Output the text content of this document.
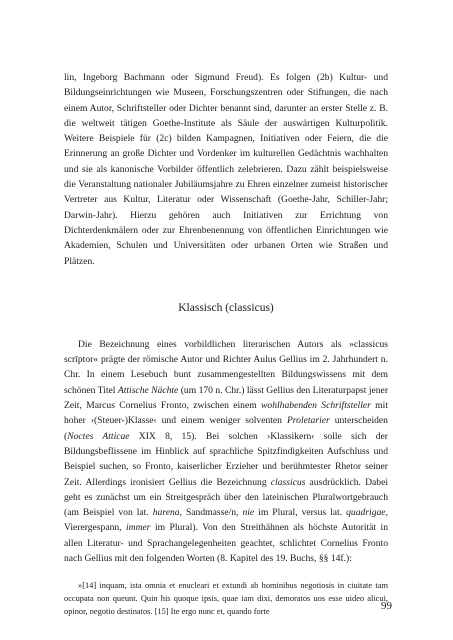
lin, Ingeborg Bachmann oder Sigmund Freud). Es folgen (2b) Kultur- und Bildungseinrichtungen wie Museen, Forschungszentren oder Stiftungen, die nach einem Autor, Schriftsteller oder Dichter benannt sind, darunter an erster Stelle z. B. die weltweit tätigen Goethe-Institute als Säule der auswärtigen Kulturpolitik. Weitere Beispiele für (2c) bilden Kampagnen, Initiativen oder Feiern, die die Erinnerung an große Dichter und Vordenker im kulturellen Gedächtnis wachhalten und sie als kanonische Vorbilder öffentlich zelebrieren. Dazu zählt beispielsweise die Veranstaltung nationaler Jubiläumsjahre zu Ehren einzelner zumeist historischer Vertreter aus Kultur, Literatur oder Wissenschaft (Goethe-Jahr, Schiller-Jahr; Darwin-Jahr). Hierzu gehören auch Initiativen zur Errichtung von Dichterdenkmälern oder zur Ehrenbenennung von öffentlichen Einrichtungen wie Akademien, Schulen und Universitäten oder urbanen Orten wie Straßen und Plätzen.

Klassisch (classicus)

Die Bezeichnung eines vorbildlichen literarischen Autors als »classicus scrīptor« prägte der römische Autor und Richter Aulus Gellius im 2. Jahrhundert n. Chr. In einem Lesebuch bunt zusammengestellten Bildungswissens mit dem schönen Titel Attische Nächte (um 170 n. Chr.) lässt Gellius den Literaturpapst jener Zeit, Marcus Cornelius Fronto, zwischen einem wohlhabenden Schriftsteller mit hoher ›(Steuer-)Klasse‹ und einem weniger solventen Proletarier unterscheiden (Noctes Atticae XIX 8, 15). Bei solchen ›Klassikern‹ solle sich der Bildungsbeflissene im Hinblick auf sprachliche Spitzfindigkeiten Aufschluss und Beispiel suchen, so Fronto, kaiserlicher Erzieher und berühmtester Rhetor seiner Zeit. Allerdings ironisiert Gellius die Bezeichnung classicus ausdrücklich. Dabei geht es zunächst um ein Streitgespräch über den lateinischen Pluralwortgebrauch (am Beispiel von lat. harena, Sandmasse/n, nie im Plural, versus lat. quadrigae, Vierergespann, immer im Plural). Von den Streithähnen als höchste Autorität in allen Literatur- und Sprachangelegenheiten geachtet, schlichtet Cornelius Fronto nach Gellius mit den folgenden Worten (8. Kapitel des 19. Buchs, §§ 14f.):

»[14] inquam, ista omnia et enucleari et extundi ab hominibus negotiosis in ciuitate tam occupata non queunt. Quin his quoque ipsis, quae iam dixi, demoratos uos esse uideo alicui, opinor, negotio destinatos. [15] Ite ergo nunc et, quando forte	99
